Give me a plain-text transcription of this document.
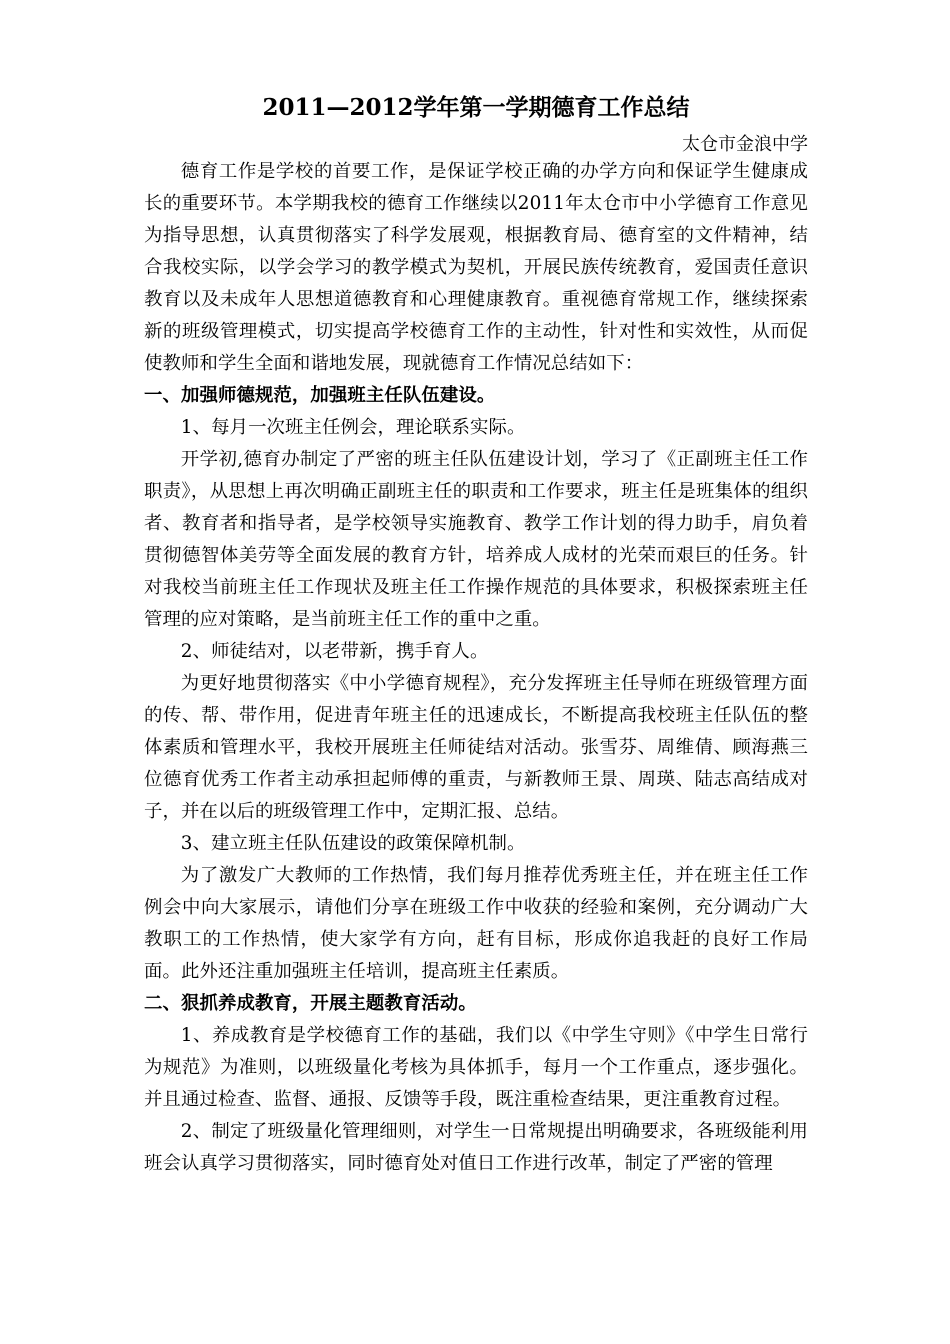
2011—2012学年第一学期德育工作总结

太仓市金浪中学

德育工作是学校的首要工作，是保证学校正确的办学方向和保证学生健康成长的重要环节。本学期我校的德育工作继续以2011年太仓市中小学德育工作意见为指导思想，认真贯彻落实了科学发展观，根据教育局、德育室的文件精神，结合我校实际，以学会学习的教学模式为契机，开展民族传统教育，爱国责任意识教育以及未成年人思想道德教育和心理健康教育。重视德育常规工作，继续探索新的班级管理模式，切实提高学校德育工作的主动性，针对性和实效性，从而促使教师和学生全面和谐地发展，现就德育工作情况总结如下：

一、加强师德规范，加强班主任队伍建设。

1、每月一次班主任例会，理论联系实际。

开学初,德育办制定了严密的班主任队伍建设计划，学习了《正副班主任工作职责》，从思想上再次明确正副班主任的职责和工作要求，班主任是班集体的组织者、教育者和指导者，是学校领导实施教育、教学工作计划的得力助手，肩负着贯彻德智体美劳等全面发展的教育方针，培养成人成材的光荣而艰巨的任务。针对我校当前班主任工作现状及班主任工作操作规范的具体要求，积极探索班主任管理的应对策略，是当前班主任工作的重中之重。

2、师徒结对，以老带新，携手育人。

为更好地贯彻落实《中小学德育规程》，充分发挥班主任导师在班级管理方面的传、帮、带作用，促进青年班主任的迅速成长，不断提高我校班主任队伍的整体素质和管理水平，我校开展班主任师徒结对活动。张雪芬、周维倩、顾海燕三位德育优秀工作者主动承担起师傅的重责，与新教师王景、周瑛、陆志高结成对子，并在以后的班级管理工作中，定期汇报、总结。

3、建立班主任队伍建设的政策保障机制。

为了激发广大教师的工作热情，我们每月推荐优秀班主任，并在班主任工作例会中向大家展示，请他们分享在班级工作中收获的经验和案例，充分调动广大教职工的工作热情，使大家学有方向，赶有目标，形成你追我赶的良好工作局面。此外还注重加强班主任培训，提高班主任素质。

二、狠抓养成教育，开展主题教育活动。

1、养成教育是学校德育工作的基础，我们以《中学生守则》《中学生日常行为规范》为准则，以班级量化考核为具体抓手，每月一个工作重点，逐步强化。并且通过检查、监督、通报、反馈等手段，既注重检查结果，更注重教育过程。

2、制定了班级量化管理细则，对学生一日常规提出明确要求，各班级能利用班会认真学习贯彻落实，同时德育处对值日工作进行改革，制定了严密的管理
